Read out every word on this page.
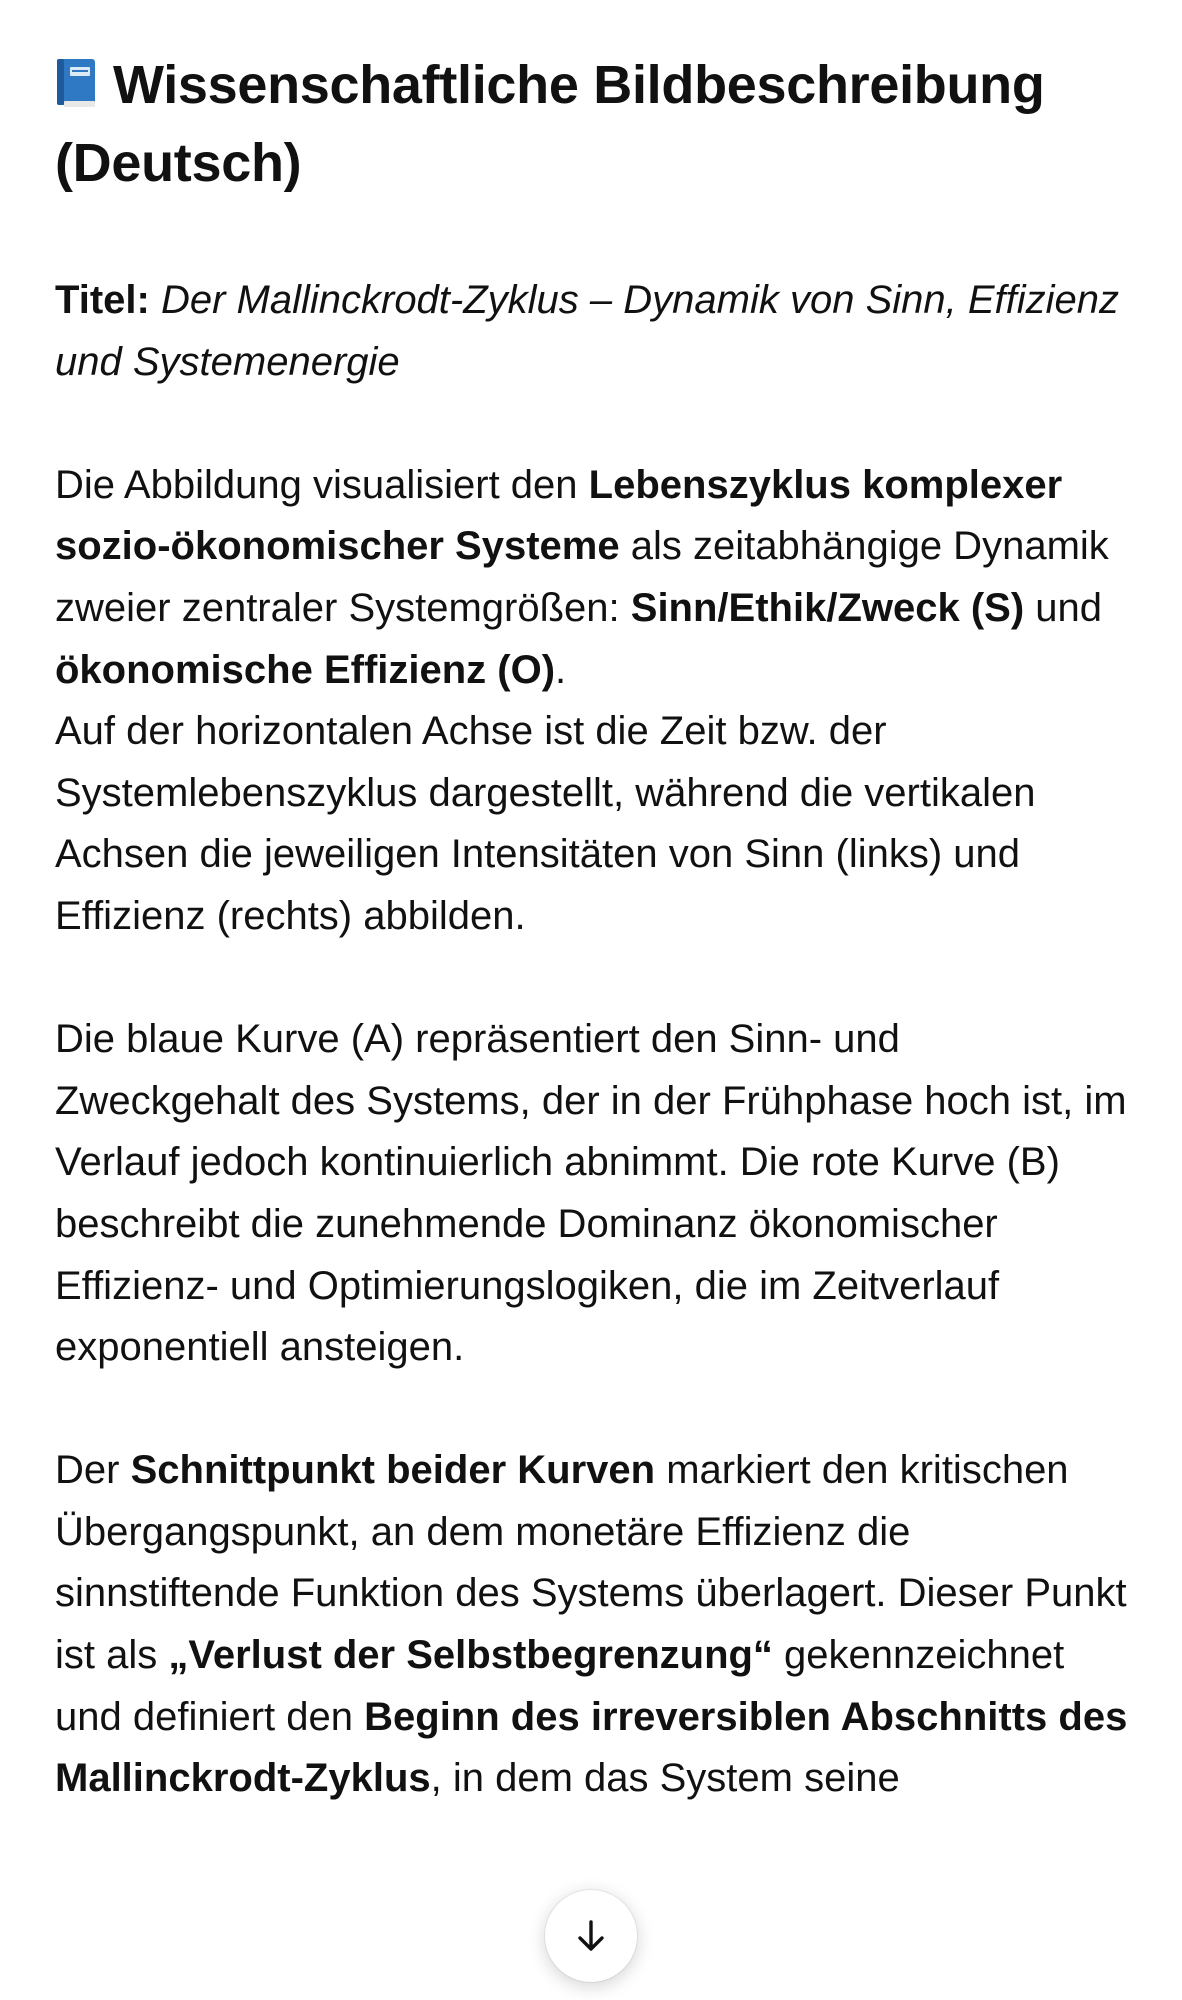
Wissenschaftliche Bildbeschreibung (Deutsch)

Titel: Der Mallinckrodt-Zyklus – Dynamik von Sinn, Effizienz und Systemenergie

Die Abbildung visualisiert den Lebenszyklus komplexer sozio-ökonomischer Systeme als zeitabhängige Dynamik zweier zentraler Systemgrößen: Sinn/Ethik/Zweck (S) und ökonomische Effizienz (O).

Auf der horizontalen Achse ist die Zeit bzw. der Systemlebenszyklus dargestellt, während die vertikalen Achsen die jeweiligen Intensitäten von Sinn (links) und Effizienz (rechts) abbilden.

Die blaue Kurve (A) repräsentiert den Sinn- und Zweckgehalt des Systems, der in der Frühphase hoch ist, im Verlauf jedoch kontinuierlich abnimmt. Die rote Kurve (B) beschreibt die zunehmende Dominanz ökonomischer Effizienz- und Optimierungslogiken, die im Zeitverlauf exponentiell ansteigen.

Der Schnittpunkt beider Kurven markiert den kritischen Übergangspunkt, an dem monetäre Effizienz die sinnstiftende Funktion des Systems überlagert. Dieser Punkt ist als „Verlust der Selbstbegrenzung“ gekennzeichnet und definiert den Beginn des irreversiblen Abschnitts des Mallinckrodt-Zyklus, in dem das System seine
